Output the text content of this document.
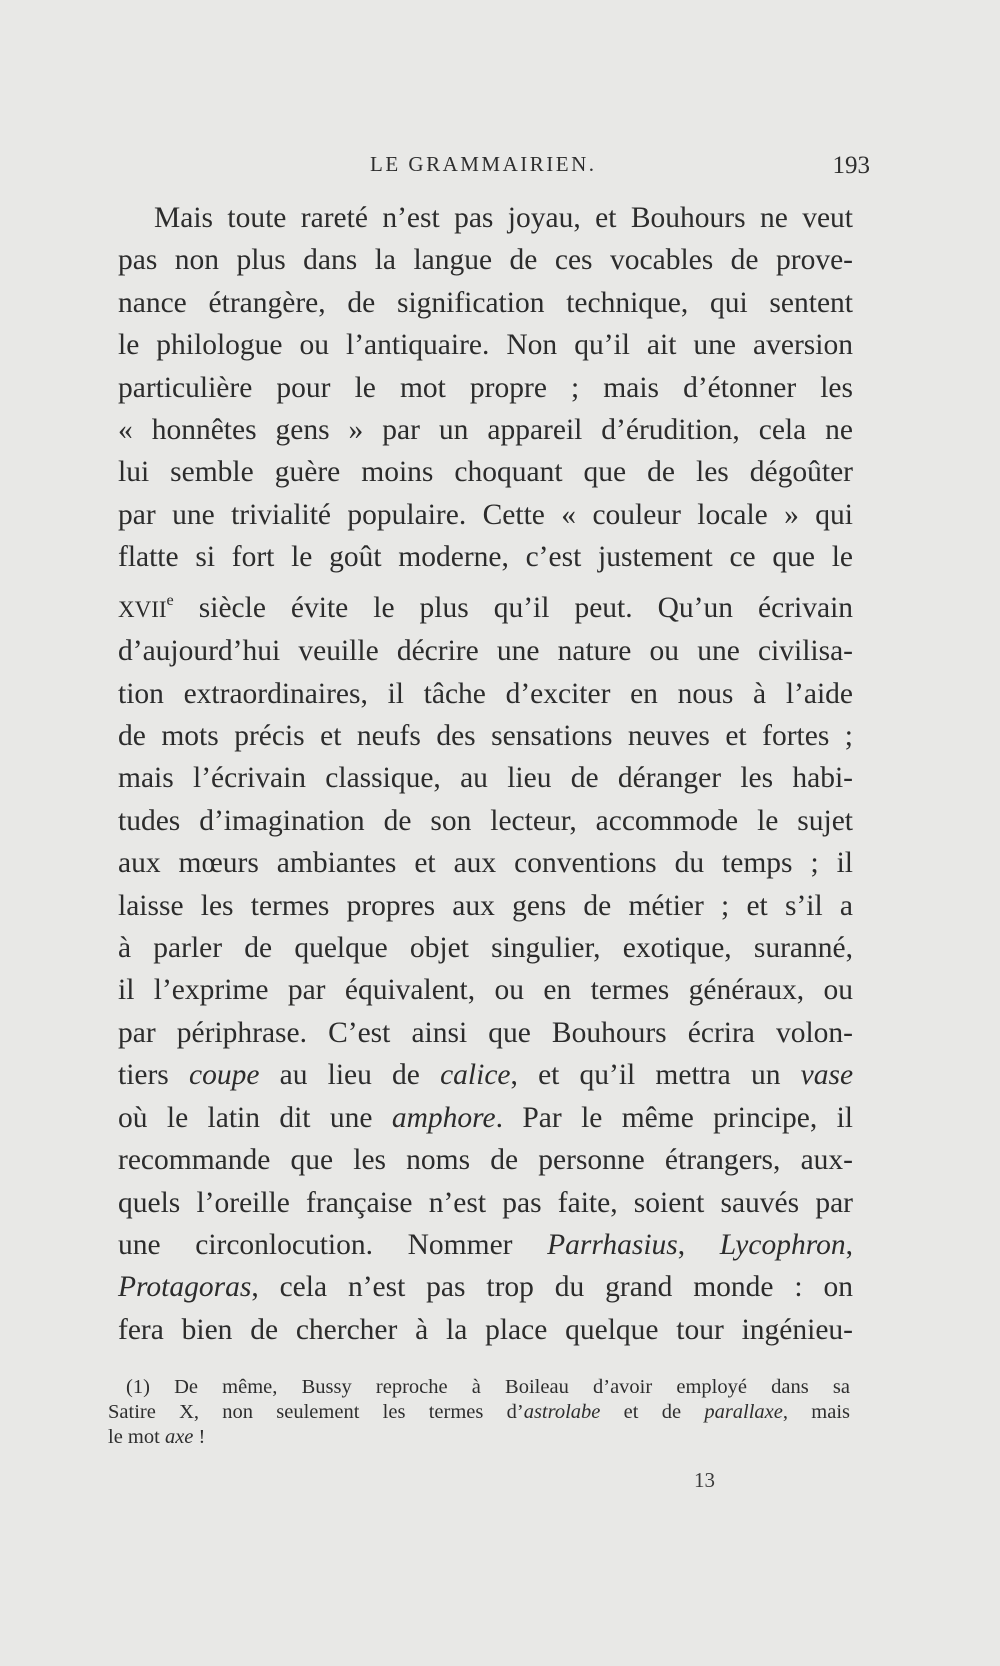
LE GRAMMAIRIEN.	193
Mais toute rareté n’est pas joyau, et Bouhours ne veut
pas non plus dans la langue de ces vocables de prove-
nance étrangère, de signification technique, qui sentent
le philologue ou l’antiquaire. Non qu’il ait une aversion
particulière pour le mot propre ; mais d’étonner les
« honnêtes gens » par un appareil d’érudition, cela ne
lui semble guère moins choquant que de les dégoûter
par une trivialité populaire. Cette « couleur locale » qui
flatte si fort le goût moderne, c’est justement ce que le
XVIIe siècle évite le plus qu’il peut. Qu’un écrivain
d’aujourd’hui veuille décrire une nature ou une civilisa-
tion extraordinaires, il tâche d’exciter en nous à l’aide
de mots précis et neufs des sensations neuves et fortes ;
mais l’écrivain classique, au lieu de déranger les habi-
tudes d’imagination de son lecteur, accommode le sujet
aux mœurs ambiantes et aux conventions du temps ; il
laisse les termes propres aux gens de métier ; et s’il a
à parler de quelque objet singulier, exotique, suranné,
il l’exprime par équivalent, ou en termes généraux, ou
par périphrase. C’est ainsi que Bouhours écrira volon-
tiers coupe au lieu de calice, et qu’il mettra un vase
où le latin dit une amphore. Par le même principe, il
recommande que les noms de personne étrangers, aux-
quels l’oreille française n’est pas faite, soient sauvés par
une circonlocution. Nommer Parrhasius, Lycophron,
Protagoras, cela n’est pas trop du grand monde : on
fera bien de chercher à la place quelque tour ingénieu-
(1) De même, Bussy reproche à Boileau d’avoir employé dans sa
Satire X, non seulement les termes d’astrolabe et de parallaxe, mais
le mot axe !
13
